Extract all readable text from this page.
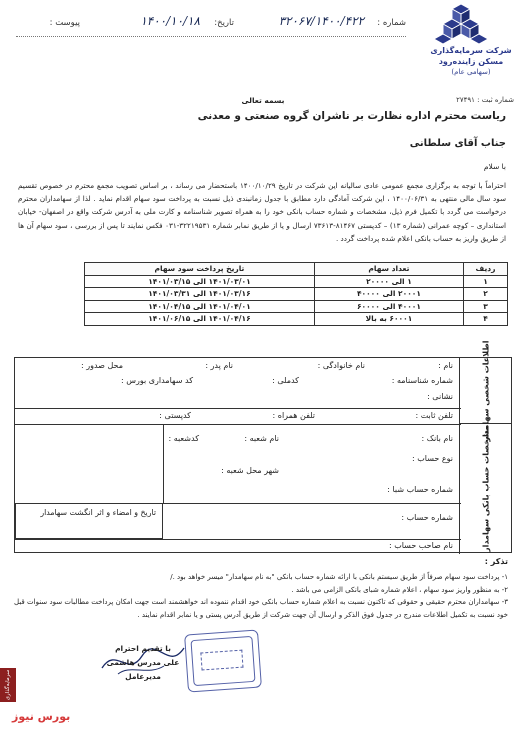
شماره :
۳۲۰۶۷/۱۴۰۰/۴۲۲
تاریخ:
۱۴۰۰/۱۰/۱۸
پیوست :
شرکت سرمایه‌گذاری
مسکن زاینده‌رود
(سهامی عام)
شماره ثبت : ۲۷۴۹۱
بسمه تعالی
ریاست محترم اداره نظارت بر ناشران گروه صنعتی و معدنی
جناب آقای سلطانی
با سلام
احتراماً با توجه به برگزاری مجمع عمومی عادی سالیانه این شرکت در تاریخ ۱۴۰۰/۱۰/۲۹ باستحضار می رساند ، بر اساس تصویب مجمع محترم در خصوص تقسیم سود سال مالی منتهی به ۱۴۰۰/۰۶/۳۱ ، این شرکت آمادگی دارد مطابق با جدول زمانبندی ذیل نسبت به پرداخت سود سهام اقدام نماید . لذا از سهامداران محترم درخواست می گردد با تکمیل فرم ذیل، مشخصات و شماره حساب بانکی خود را به همراه تصویر شناسنامه و کارت ملی به آدرس شرکت واقع در اصفهان- خیابان استانداری – کوچه عمرانی (شماره ۱۳) – کدپستی ۸۱۴۶۷-۷۳۶۱۳ ارسال و یا از طریق نمابر شماره ۳۲۲۱۹۵۳۱-۰۳۱ فکس نمایند تا پس از بررسی ، سود سهام آن ها از طریق واریز به حساب بانکی اعلام شده پرداخت گردد .
ردیف	تعداد سهام	تاریخ پرداخت سود سهام
۱	۱ الی ۲۰۰۰۰	۱۴۰۱/۰۳/۰۱ الی ۱۴۰۱/۰۳/۱۵
۲	۲۰۰۰۱ الی ۴۰۰۰۰	۱۴۰۱/۰۳/۱۶ الی ۱۴۰۱/۰۳/۳۱
۳	۴۰۰۰۱ الی ۶۰۰۰۰	۱۴۰۱/۰۴/۰۱ الی ۱۴۰۱/۰۴/۱۵
۴	۶۰۰۰۱ به بالا	۱۴۰۱/۰۴/۱۶ الی ۱۴۰۱/۰۶/۱۵
اطلاعات شخصی سهامدار
مشخصات حساب بانکی سهامدار
نام :
نام خانوادگی :
نام پدر :
محل صدور :
شماره شناسنامه :
کدملی :
کد سهامداری بورس :
نشانی :
تلفن ثابت :
تلفن همراه :
کدپستی :
نام بانک :
نام شعبه :
کدشعبه :
نوع حساب :
شهر محل شعبه :
شماره حساب شبا :
شماره حساب :
تاریخ و امضاء و اثر انگشت سهامدار
نام صاحب حساب :
تذکر :
۱- پرداخت سود سهام صرفاً از طریق سیستم بانکی با ارائه شماره حساب بانکی "به نام سهامدار" میسر خواهد بود ./
۲- به منظور واریز سود سهام ، اعلام شماره شبای بانکی الزامی می باشد .
۳- سهامداران محترم حقیقی و حقوقی که تاکنون نسبت به اعلام شماره حساب بانکی خود اقدام ننموده اند خواهشمند است جهت امکان پرداخت مطالبات سود سنوات قبل خود نسبت به تکمیل اطلاعات مندرج در جدول فوق الذکر و ارسال آن جهت شرکت از طریق آدرس پستی و یا نمابر اقدام نمایند .
با تقدیم احترام
علی مدرس هاشمی
مدیرعامل
سرمایه‌گذاری
بورس نیوز
